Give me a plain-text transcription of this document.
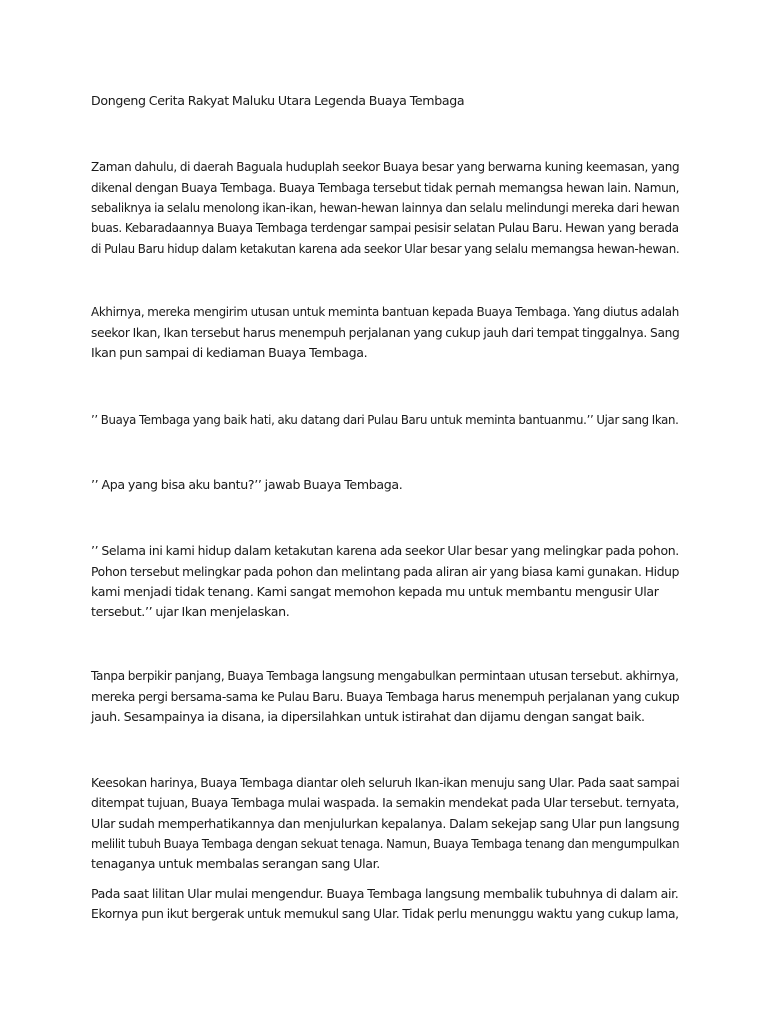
Dongeng Cerita Rakyat Maluku Utara Legenda Buaya Tembaga
Zaman dahulu, di daerah Baguala huduplah seekor Buaya besar yang berwarna kuning keemasan, yang
dikenal dengan Buaya Tembaga. Buaya Tembaga tersebut tidak pernah memangsa hewan lain. Namun,
sebaliknya ia selalu menolong ikan-ikan, hewan-hewan lainnya dan selalu melindungi mereka dari hewan
buas. Kebaradaannya Buaya Tembaga terdengar sampai pesisir selatan Pulau Baru. Hewan yang berada
di Pulau Baru hidup dalam ketakutan karena ada seekor Ular besar yang selalu memangsa hewan-hewan.
Akhirnya, mereka mengirim utusan untuk meminta bantuan kepada Buaya Tembaga. Yang diutus adalah
seekor Ikan, Ikan tersebut harus menempuh perjalanan yang cukup jauh dari tempat tinggalnya. Sang
Ikan pun sampai di kediaman Buaya Tembaga.
’’ Buaya Tembaga yang baik hati, aku datang dari Pulau Baru untuk meminta bantuanmu.’’ Ujar sang Ikan.
’’ Apa yang bisa aku bantu?’’ jawab Buaya Tembaga.
’’ Selama ini kami hidup dalam ketakutan karena ada seekor Ular besar yang melingkar pada pohon.
Pohon tersebut melingkar pada pohon dan melintang pada aliran air yang biasa kami gunakan. Hidup
kami menjadi tidak tenang. Kami sangat memohon kepada mu untuk membantu mengusir Ular
tersebut.’’ ujar Ikan menjelaskan.
Tanpa berpikir panjang, Buaya Tembaga langsung mengabulkan permintaan utusan tersebut. akhirnya,
mereka pergi bersama-sama ke Pulau Baru. Buaya Tembaga harus menempuh perjalanan yang cukup
jauh. Sesampainya ia disana, ia dipersilahkan untuk istirahat dan dijamu dengan sangat baik.
Keesokan harinya, Buaya Tembaga diantar oleh seluruh Ikan-ikan menuju sang Ular. Pada saat sampai
ditempat tujuan, Buaya Tembaga mulai waspada. Ia semakin mendekat pada Ular tersebut. ternyata,
Ular sudah memperhatikannya dan menjulurkan kepalanya. Dalam sekejap sang Ular pun langsung
melilit tubuh Buaya Tembaga dengan sekuat tenaga. Namun, Buaya Tembaga tenang dan mengumpulkan
tenaganya untuk membalas serangan sang Ular.
Pada saat lilitan Ular mulai mengendur. Buaya Tembaga langsung membalik tubuhnya di dalam air.
Ekornya pun ikut bergerak untuk memukul sang Ular. Tidak perlu menunggu waktu yang cukup lama,
